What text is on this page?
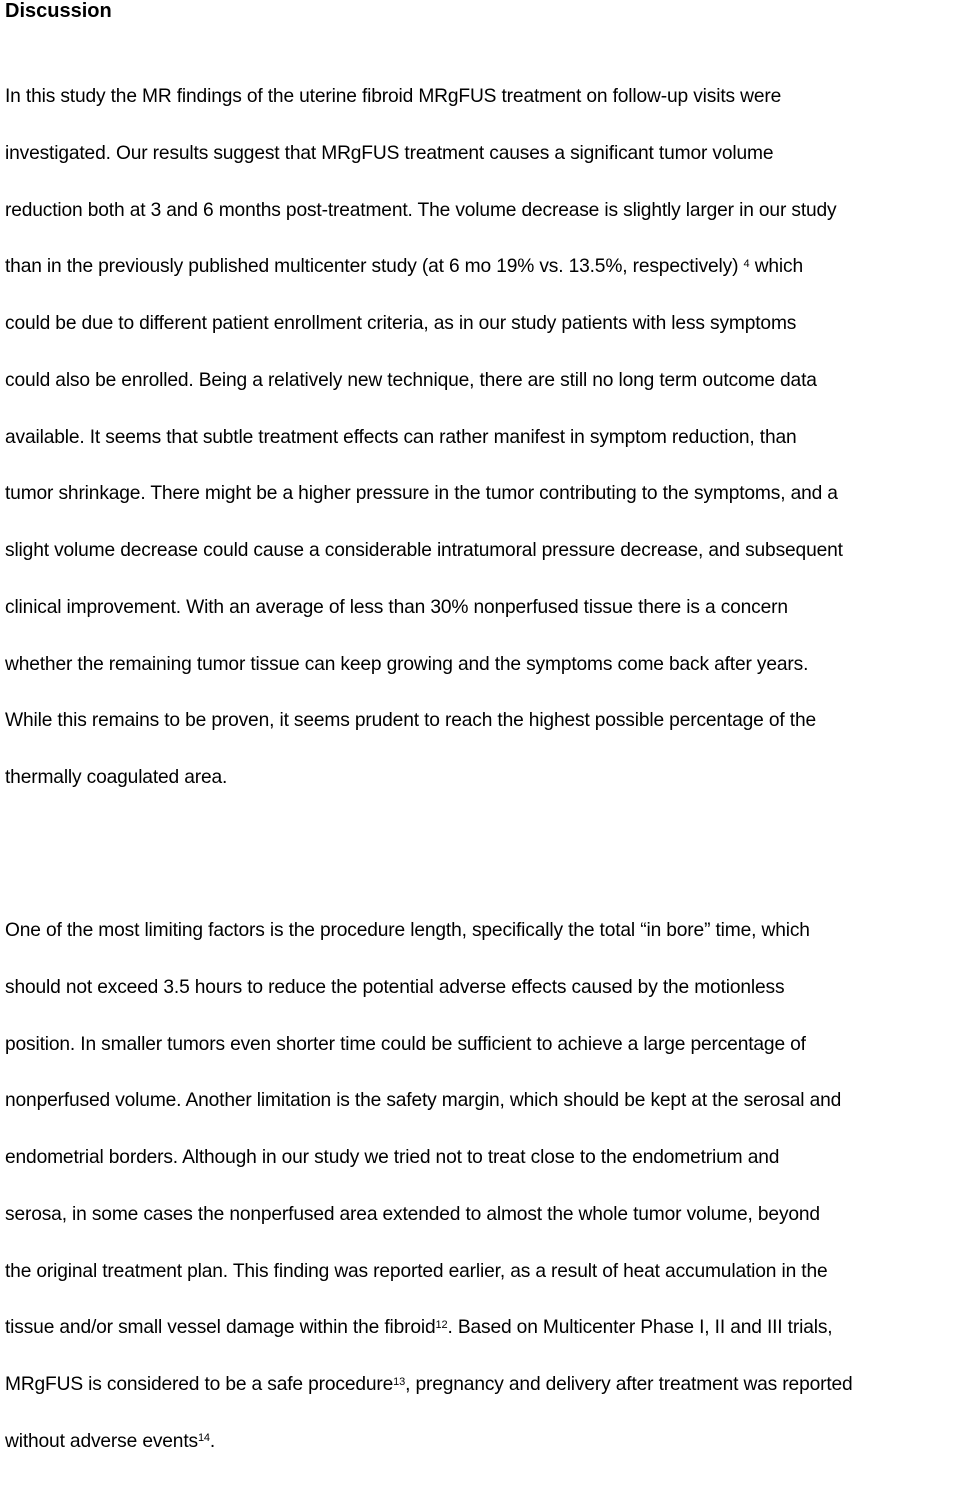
Discussion
In this study the MR findings of the uterine fibroid MRgFUS treatment on follow-up visits were
investigated. Our results suggest that MRgFUS treatment causes a significant tumor volume
reduction both at 3 and 6 months post-treatment. The volume decrease is slightly larger in our study
than in the previously published multicenter study (at 6 mo 19% vs. 13.5%, respectively) $^4$ which
could be due to different patient enrollment criteria, as in our study patients with less symptoms
could also be enrolled. Being a relatively new technique, there are still no long term outcome data
available. It seems that subtle treatment effects can rather manifest in symptom reduction, than
tumor shrinkage. There might be a higher pressure in the tumor contributing to the symptoms, and a
slight volume decrease could cause a considerable intratumoral pressure decrease, and subsequent
clinical improvement. With an average of less than 30% nonperfused tissue there is a concern
whether the remaining tumor tissue can keep growing and the symptoms come back after years.
While this remains to be proven, it seems prudent to reach the highest possible percentage of the
thermally coagulated area.
One of the most limiting factors is the procedure length, specifically the total “in bore” time, which
should not exceed 3.5 hours to reduce the potential adverse effects caused by the motionless
position. In smaller tumors even shorter time could be sufficient to achieve a large percentage of
nonperfused volume. Another limitation is the safety margin, which should be kept at the serosal and
endometrial borders. Although in our study we tried not to treat close to the endometrium and
serosa, in some cases the nonperfused area extended to almost the whole tumor volume, beyond
the original treatment plan. This finding was reported earlier, as a result of heat accumulation in the
tissue and/or small vessel damage within the fibroid$^{12}$. Based on Multicenter Phase I, II and III trials,
MRgFUS is considered to be a safe procedure$^{13}$, pregnancy and delivery after treatment was reported
without adverse events$^{14}$.
